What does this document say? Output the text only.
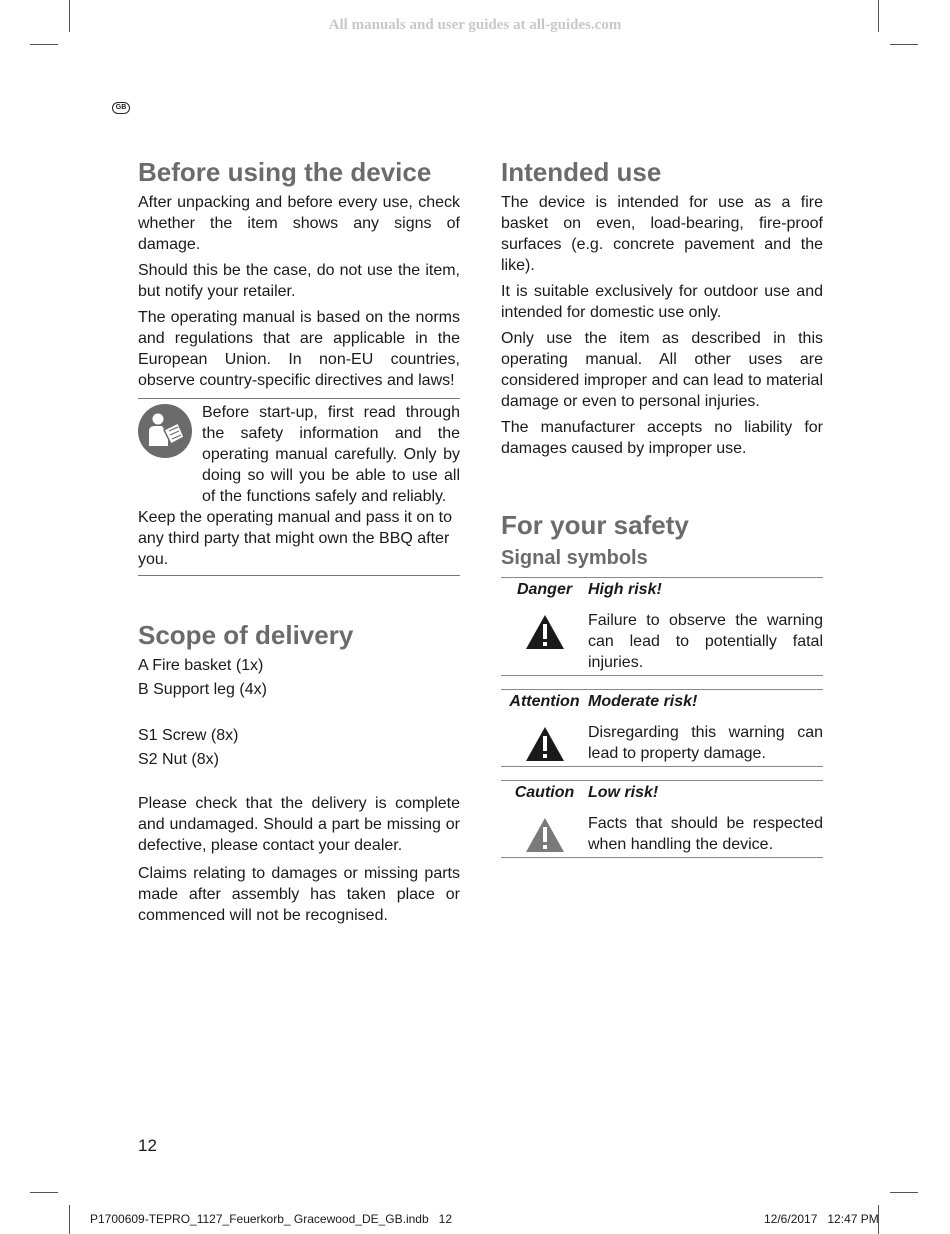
All manuals and user guides at all-guides.com
GB
Before using the device

After unpacking and before every use, check whether the item shows any signs of damage.

Should this be the case, do not use the item, but notify your retailer.

The operating manual is based on the norms and regulations that are applicable in the European Union. In non-EU countries, observe country-specific directives and laws!

Before start-up, first read through the safety information and the operating manual carefully. Only by doing so will you be able to use all of the functions safely and reliably.

Keep the operating manual and pass it on to any third party that might own the BBQ after you.

Scope of delivery

A Fire basket (1x)

B Support leg (4x)

S1 Screw (8x)

S2 Nut (8x)

Please check that the delivery is complete and undamaged. Should a part be missing or defective, please contact your dealer.

Claims relating to damages or missing parts made after assembly has taken place or commenced will not be recognised.

Intended use

The device is intended for use as a fire basket on even, load-bearing, fire-proof surfaces (e.g. concrete pavement and the like).

It is suitable exclusively for outdoor use and intended for domestic use only.

Only use the item as described in this operating manual. All other uses are considered improper and can lead to material damage or even to personal injuries.

The manufacturer accepts no liability for damages caused by improper use.

For your safety
Signal symbols
Danger High risk!
Failure to observe the warning can lead to potentially fatal injuries.
Attention Moderate risk!
Disregarding this warning can lead to property damage.
Caution Low risk!
Facts that should be respected when handling the device.
12
P1700609-TEPRO_1127_Feuerkorb_ Gracewood_DE_GB.indb   12	12/6/2017   12:47 PM
